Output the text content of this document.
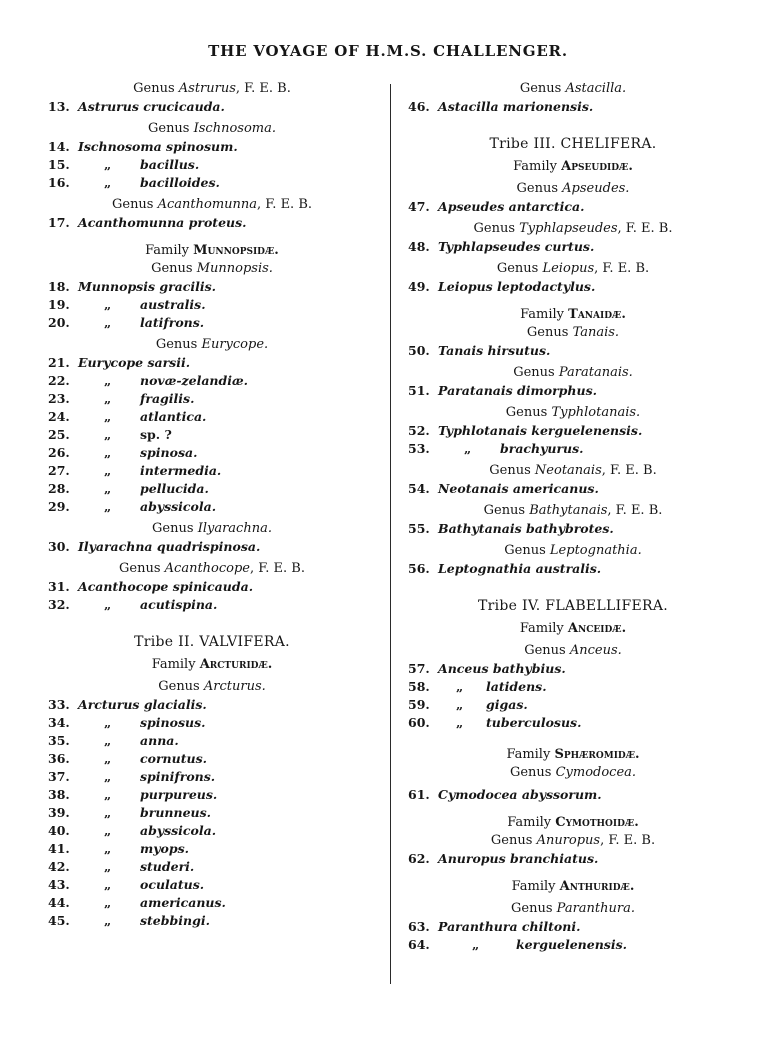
THE VOYAGE OF H.M.S. CHALLENGER.
Genus Astrurus, F. E. B.
13. Astrurus crucicauda.
Genus Ischnosoma.
14. Ischnosoma spinosum.
15.	„ bacillus.
16.	„ bacilloides.
Genus Acanthomunna, F. E. B.
17. Acanthomunna proteus.
Family Munnopsidæ.
Genus Munnopsis.
18. Munnopsis gracilis.
19.	„ australis.
20.	„ latifrons.
Genus Eurycope.
21. Eurycope sarsii.
22.	„ novæ-zelandiæ.
23.	„ fragilis.
24.	„ atlantica.
25.	„ sp. ?
26.	„ spinosa.
27.	„ intermedia.
28.	„ pellucida.
29.	„ abyssicola.
Genus Ilyarachna.
30. Ilyarachna quadrispinosa.
Genus Acanthocope, F. E. B.
31. Acanthocope spinicauda.
32.	„ acutispina.
Tribe II. VALVIFERA.
Family Arcturidæ.
Genus Arcturus.
33. Arcturus glacialis.
34.	„ spinosus.
35.	„ anna.
36.	„ cornutus.
37.	„ spinifrons.
38.	„ purpureus.
39.	„ brunneus.
40.	„ abyssicola.
41.	„ myops.
42.	„ studeri.
43.	„ oculatus.
44.	„ americanus.
45.	„ stebbingi.
Genus Astacilla.
46. Astacilla marionensis.
Tribe III. CHELIFERA.
Family Apseudidæ.
Genus Apseudes.
47. Apseudes antarctica.
Genus Typhlapseudes, F. E. B.
48. Typhlapseudes curtus.
Genus Leiopus, F. E. B.
49. Leiopus leptodactylus.
Family Tanaidæ.
Genus Tanais.
50. Tanais hirsutus.
Genus Paratanais.
51. Paratanais dimorphus.
Genus Typhlotanais.
52. Typhlotanais kerguelenensis.
53.	„ brachyurus.
Genus Neotanais, F. E. B.
54. Neotanais americanus.
Genus Bathytanais, F. E. B.
55. Bathytanais bathybrotes.
Genus Leptognathia.
56. Leptognathia australis.
Tribe IV. FLABELLIFERA.
Family Anceidæ.
Genus Anceus.
57. Anceus bathybius.
58. „ latidens.
59. „ gigas.
60. „ tuberculosus.
Family Sphæromidæ.
Genus Cymodocea.
61. Cymodocea abyssorum.
Family Cymothoidæ.
Genus Anuropus, F. E. B.
62. Anuropus branchiatus.
Family Anthuridæ.
Genus Paranthura.
63. Paranthura chiltoni.
64.	„	kerguelenensis.
